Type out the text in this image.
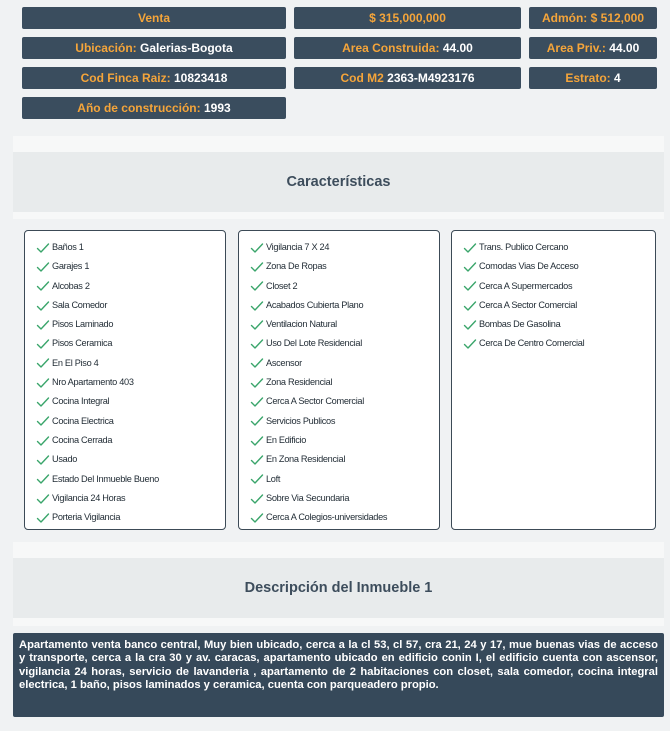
Venta	$ 315,000,000	Admón: $ 512,000
Ubicación: Galerias-Bogota	Area Construida: 44.00	Area Priv.: 44.00
Cod Finca Raiz: 10823418	Cod M2 2363-M4923176	Estrato: 4
Año de construcción: 1993
Características
Baños 1
Garajes 1
Alcobas 2
Sala Comedor
Pisos Laminado
Pisos Ceramica
En El Piso 4
Nro Apartamento 403
Cocina Integral
Cocina Electrica
Cocina Cerrada
Usado
Estado Del Inmueble Bueno
Vigilancia 24 Horas
Porteria Vigilancia
Vigilancia 7 X 24
Zona De Ropas
Closet 2
Acabados Cubierta Plano
Ventilacion Natural
Uso Del Lote Residencial
Ascensor
Zona Residencial
Cerca A Sector Comercial
Servicios Publicos
En Edificio
En Zona Residencial
Loft
Sobre Via Secundaria
Cerca A Colegios-universidades
Trans. Publico Cercano
Comodas Vias De Acceso
Cerca A Supermercados
Cerca A Sector Comercial
Bombas De Gasolina
Cerca De Centro Comercial
Descripción del Inmueble 1
Apartamento venta banco central, Muy bien ubicado, cerca a la cl 53, cl 57, cra 21, 24 y 17, mue buenas vias de acceso y transporte, cerca a la cra 30 y av. caracas, apartamento ubicado en edificio conin I, el edificio cuenta con ascensor, vigilancia 24 horas, servicio de lavanderia , apartamento de 2 habitaciones con closet, sala comedor, cocina integral electrica, 1 baño, pisos laminados y ceramica, cuenta con parqueadero propio.
